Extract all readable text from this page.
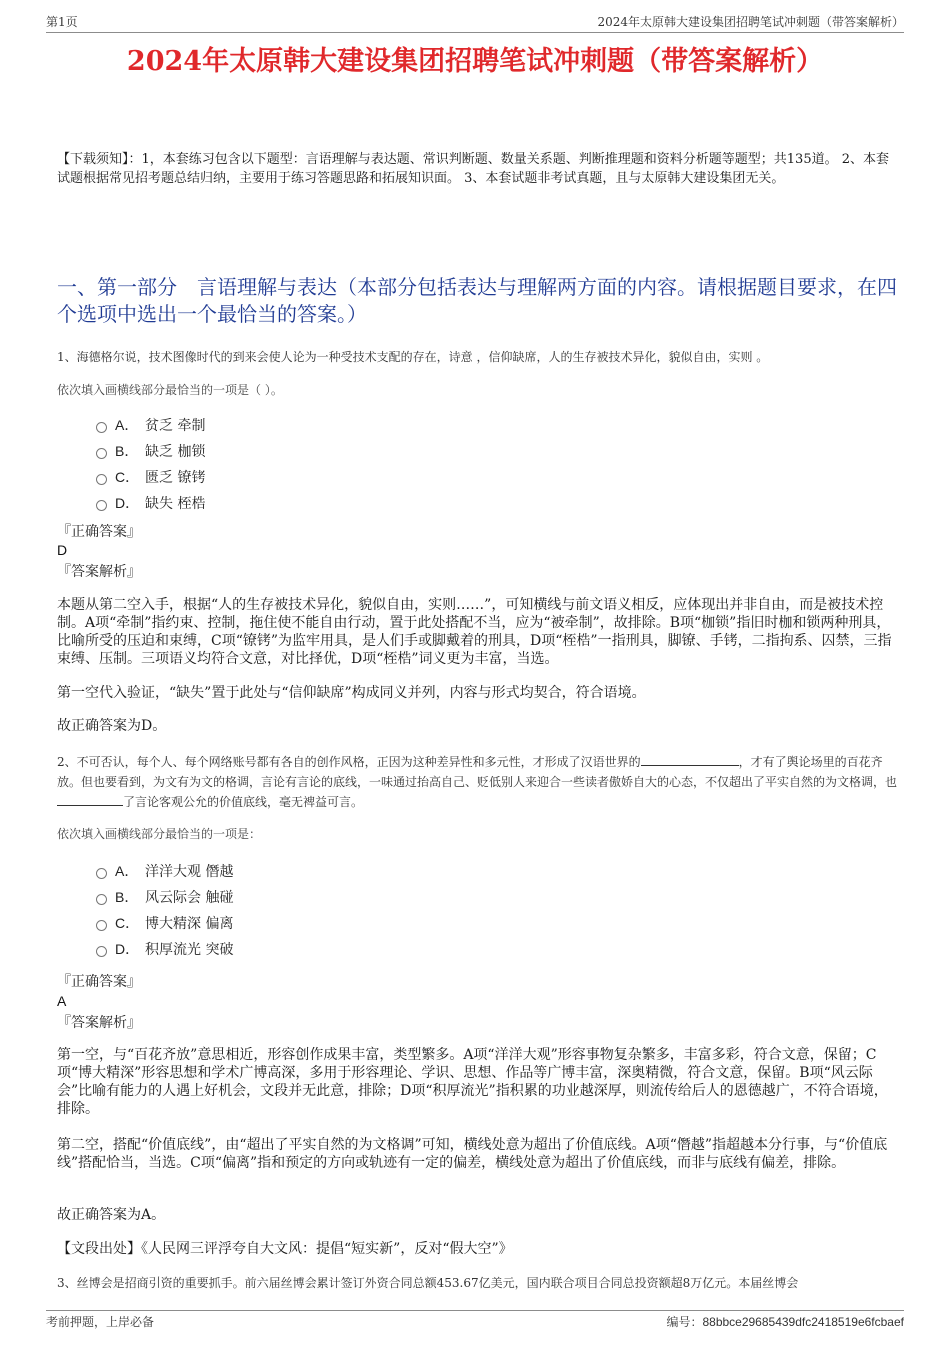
第1页	2024年太原韩大建设集团招聘笔试冲刺题（带答案解析）
2024年太原韩大建设集团招聘笔试冲刺题（带答案解析）
【下载须知】：1，本套练习包含以下题型：言语理解与表达题、常识判断题、数量关系题、判断推理题和资料分析题等题型；共135道。 2、本套试题根据常见招考题总结归纳，主要用于练习答题思路和拓展知识面。 3、本套试题非考试真题，且与太原韩大建设集团无关。
一、第一部分　言语理解与表达（本部分包括表达与理解两方面的内容。请根据题目要求，在四个选项中选出一个最恰当的答案。）
1、海德格尔说，技术图像时代的到来会使人论为一种受技术支配的存在，诗意 ，信仰缺席，人的生存被技术异化，貌似自由，实则 。
依次填入画横线部分最恰当的一项是（ ）。
A． 贫乏 牵制
B． 缺乏 枷锁
C． 匮乏 镣铐
D． 缺失 桎梏
『正确答案』
D
『答案解析』
本题从第二空入手，根据“人的生存被技术异化，貌似自由，实则……”，可知横线与前文语义相反，应体现出并非自由，而是被技术控制。A项“牵制”指约束、控制，拖住使不能自由行动，置于此处搭配不当，应为“被牵制”，故排除。B项“枷锁”指旧时枷和锁两种刑具，比喻所受的压迫和束缚，C项“镣铐”为监牢用具，是人们手或脚戴着的刑具，D项“桎梏”一指刑具，脚镣、手铐，二指拘系、囚禁，三指束缚、压制。三项语义均符合文意，对比择优，D项“桎梏”词义更为丰富，当选。
第一空代入验证，“缺失”置于此处与“信仰缺席”构成同义并列，内容与形式均契合，符合语境。
故正确答案为D。
2、不可否认，每个人、每个网络账号都有各自的创作风格，正因为这种差异性和多元性，才形成了汉语世界的	，才有了舆论场里的百花齐放。但也要看到，为文有为文的格调，言论有言论的底线，一味通过抬高自己、贬低别人来迎合一些读者傲娇自大的心态，不仅超出了平实自然的为文格调，也了言论客观公允的价值底线，毫无裨益可言。
依次填入画横线部分最恰当的一项是：
A． 洋洋大观 僭越
B． 风云际会 触碰
C． 博大精深 偏离
D． 积厚流光 突破
『正确答案』
A
『答案解析』
第一空，与“百花齐放”意思相近，形容创作成果丰富，类型繁多。A项“洋洋大观”形容事物复杂繁多，丰富多彩，符合文意，保留；C项“博大精深”形容思想和学术广博高深，多用于形容理论、学识、思想、作品等广博丰富，深奥精微，符合文意，保留。B项“风云际会”比喻有能力的人遇上好机会，文段并无此意，排除；D项“积厚流光”指积累的功业越深厚，则流传给后人的恩德越广，不符合语境，排除。
第二空，搭配“价值底线”，由“超出了平实自然的为文格调”可知，横线处意为超出了价值底线。A项“僭越”指超越本分行事，与“价值底线”搭配恰当，当选。C项“偏离”指和预定的方向或轨迹有一定的偏差，横线处意为超出了价值底线，而非与底线有偏差，排除。
故正确答案为A。
【文段出处】《人民网三评浮夸自大文风：提倡“短实新”，反对“假大空”》
3、丝博会是招商引资的重要抓手。前六届丝博会累计签订外资合同总额453.67亿美元，国内联合项目合同总投资额超8万亿元。本届丝博会
考前押题，上岸必备	编号：88bbce29685439dfc2418519e6fcbaef
